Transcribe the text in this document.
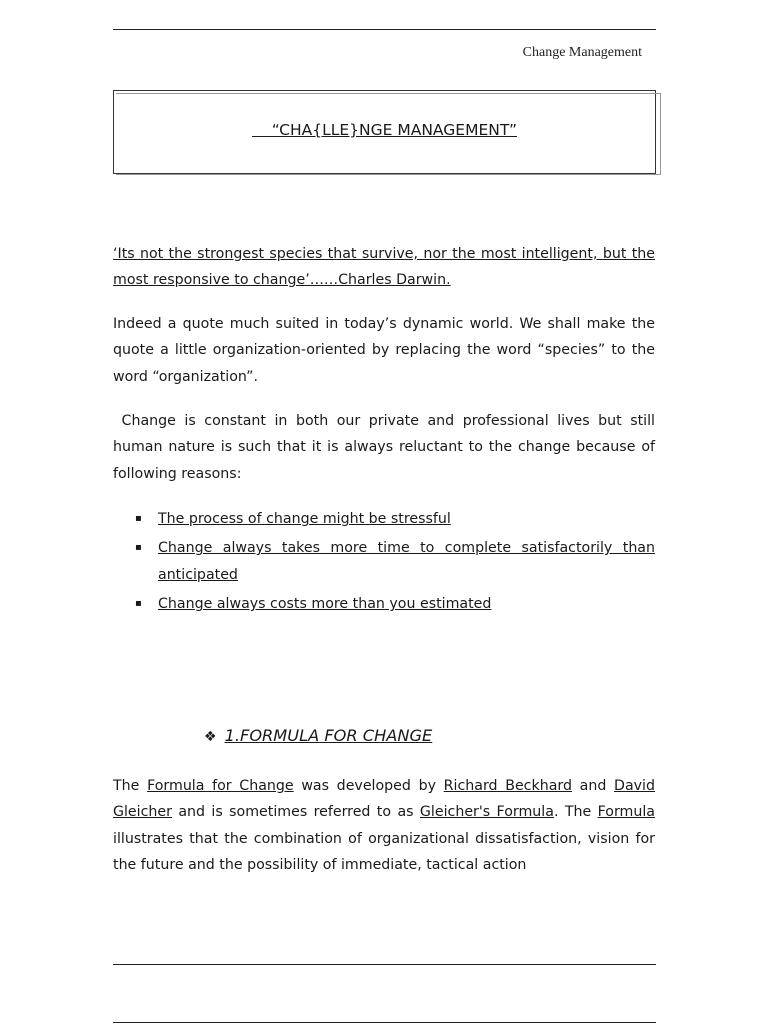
Change Management
“CHA{LLE}NGE MANAGEMENT”
‘Its not the strongest species that survive, nor the most intelligent, but the most responsive to change’……Charles Darwin.
Indeed a quote much suited in today’s dynamic world. We shall make the quote a little organization-oriented by replacing the word “species” to the word “organization”.
Change is constant in both our private and professional lives but still human nature is such that it is always reluctant to the change because of following reasons:
▪ The process of change might be stressful
▪ Change always takes more time to complete satisfactorily than anticipated
▪ Change always costs more than you estimated
❖ 1.FORMULA FOR CHANGE
The Formula for Change was developed by Richard Beckhard and David Gleicher and is sometimes referred to as Gleicher's Formula. The Formula illustrates that the combination of organizational dissatisfaction, vision for the future and the possibility of immediate, tactical action
